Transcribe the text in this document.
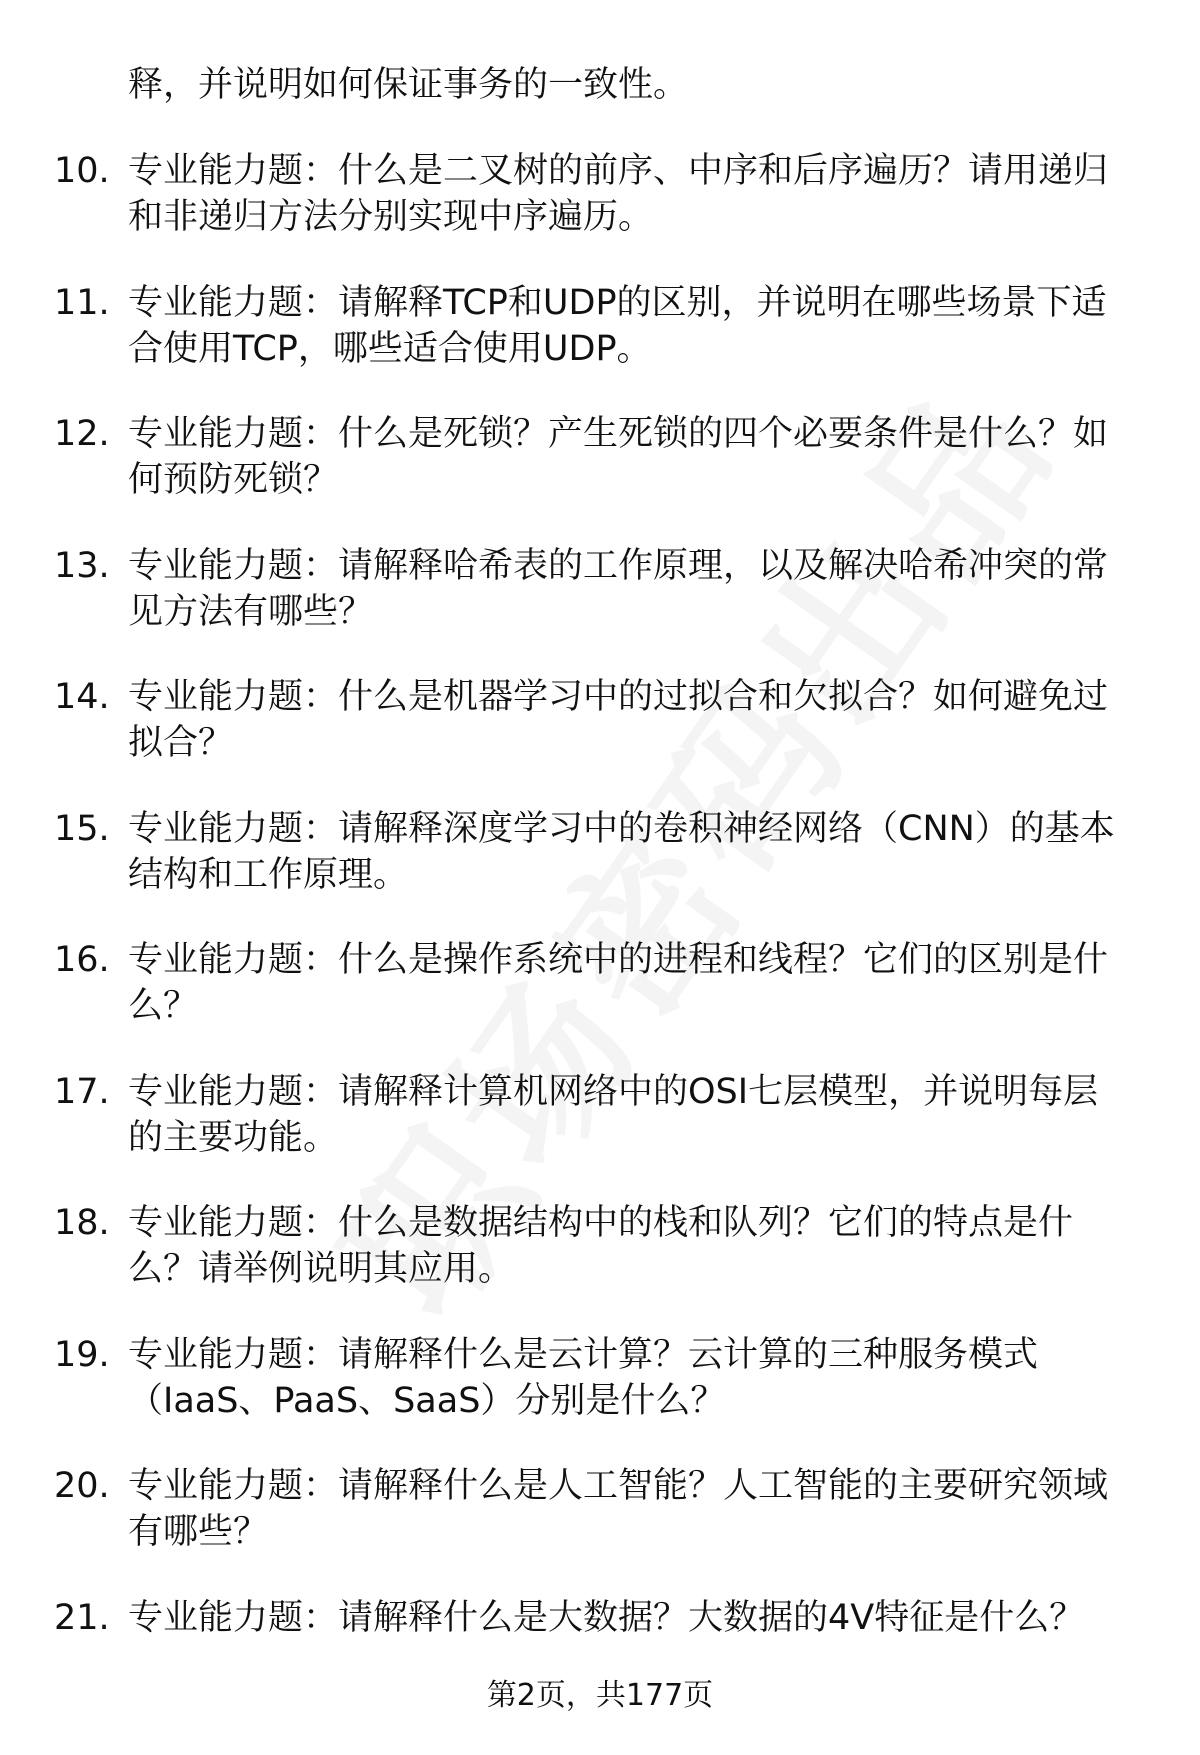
释，并说明如何保证事务的一致性。
10. 专业能力题：什么是二叉树的前序、中序和后序遍历？请用递归
和非递归方法分别实现中序遍历。
11. 专业能力题：请解释TCP和UDP的区别，并说明在哪些场景下适
合使用TCP，哪些适合使用UDP。
12. 专业能力题：什么是死锁？产生死锁的四个必要条件是什么？如
何预防死锁？
13. 专业能力题：请解释哈希表的工作原理，以及解决哈希冲突的常
见方法有哪些？
14. 专业能力题：什么是机器学习中的过拟合和欠拟合？如何避免过
拟合？
15. 专业能力题：请解释深度学习中的卷积神经网络（CNN）的基本
结构和工作原理。
16. 专业能力题：什么是操作系统中的进程和线程？它们的区别是什
么？
17. 专业能力题：请解释计算机网络中的OSI七层模型，并说明每层
的主要功能。
18. 专业能力题：什么是数据结构中的栈和队列？它们的特点是什
么？请举例说明其应用。
19. 专业能力题：请解释什么是云计算？云计算的三种服务模式
（IaaS、PaaS、SaaS）分别是什么？
20. 专业能力题：请解释什么是人工智能？人工智能的主要研究领域
有哪些？
21. 专业能力题：请解释什么是大数据？大数据的4V特征是什么？
第2页，共177页
